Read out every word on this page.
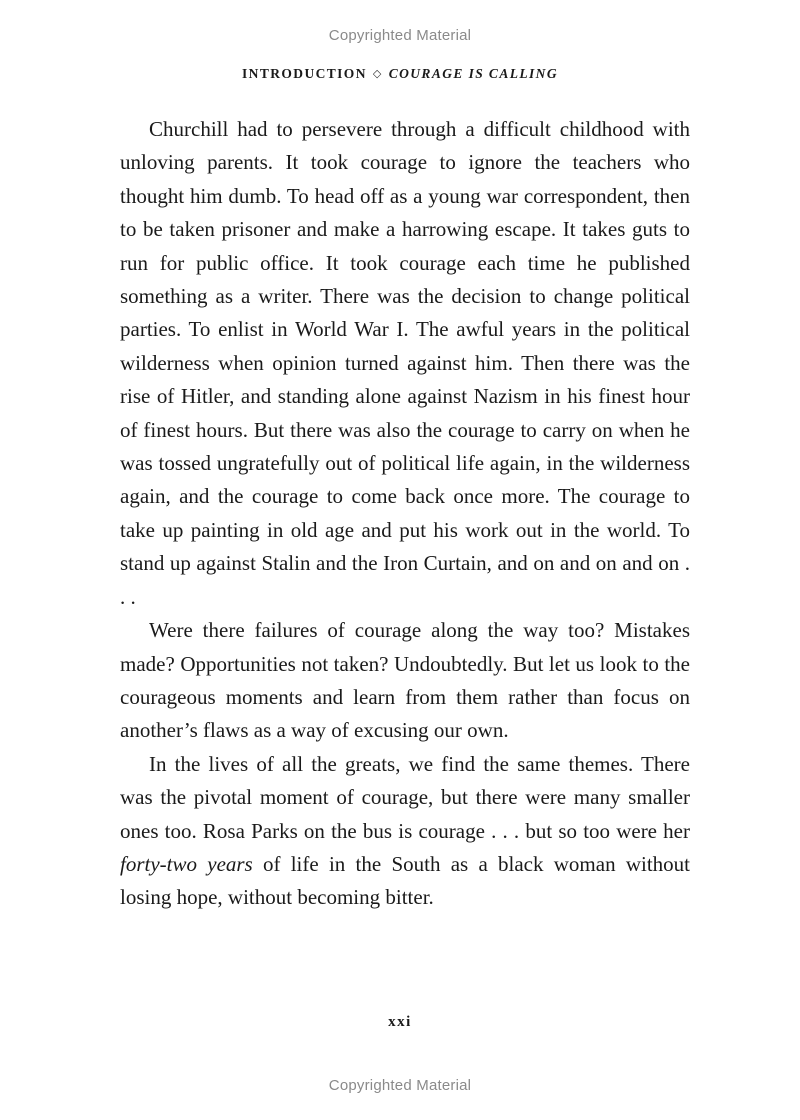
Copyrighted Material
INTRODUCTION ◇ COURAGE IS CALLING

Churchill had to persevere through a difficult childhood with unloving parents. It took courage to ignore the teachers who thought him dumb. To head off as a young war correspondent, then to be taken prisoner and make a harrowing escape. It takes guts to run for public office. It took courage each time he published something as a writer. There was the decision to change political parties. To enlist in World War I. The awful years in the political wilderness when opinion turned against him. Then there was the rise of Hitler, and standing alone against Nazism in his finest hour of finest hours. But there was also the courage to carry on when he was tossed ungratefully out of political life again, in the wilderness again, and the courage to come back once more. The courage to take up painting in old age and put his work out in the world. To stand up against Stalin and the Iron Curtain, and on and on and on . . .

Were there failures of courage along the way too? Mistakes made? Opportunities not taken? Undoubtedly. But let us look to the courageous moments and learn from them rather than focus on another’s flaws as a way of excusing our own.

In the lives of all the greats, we find the same themes. There was the pivotal moment of courage, but there were many smaller ones too. Rosa Parks on the bus is courage . . . but so too were her forty-two years of life in the South as a black woman without losing hope, without becoming bitter.

xxi
Copyrighted Material
